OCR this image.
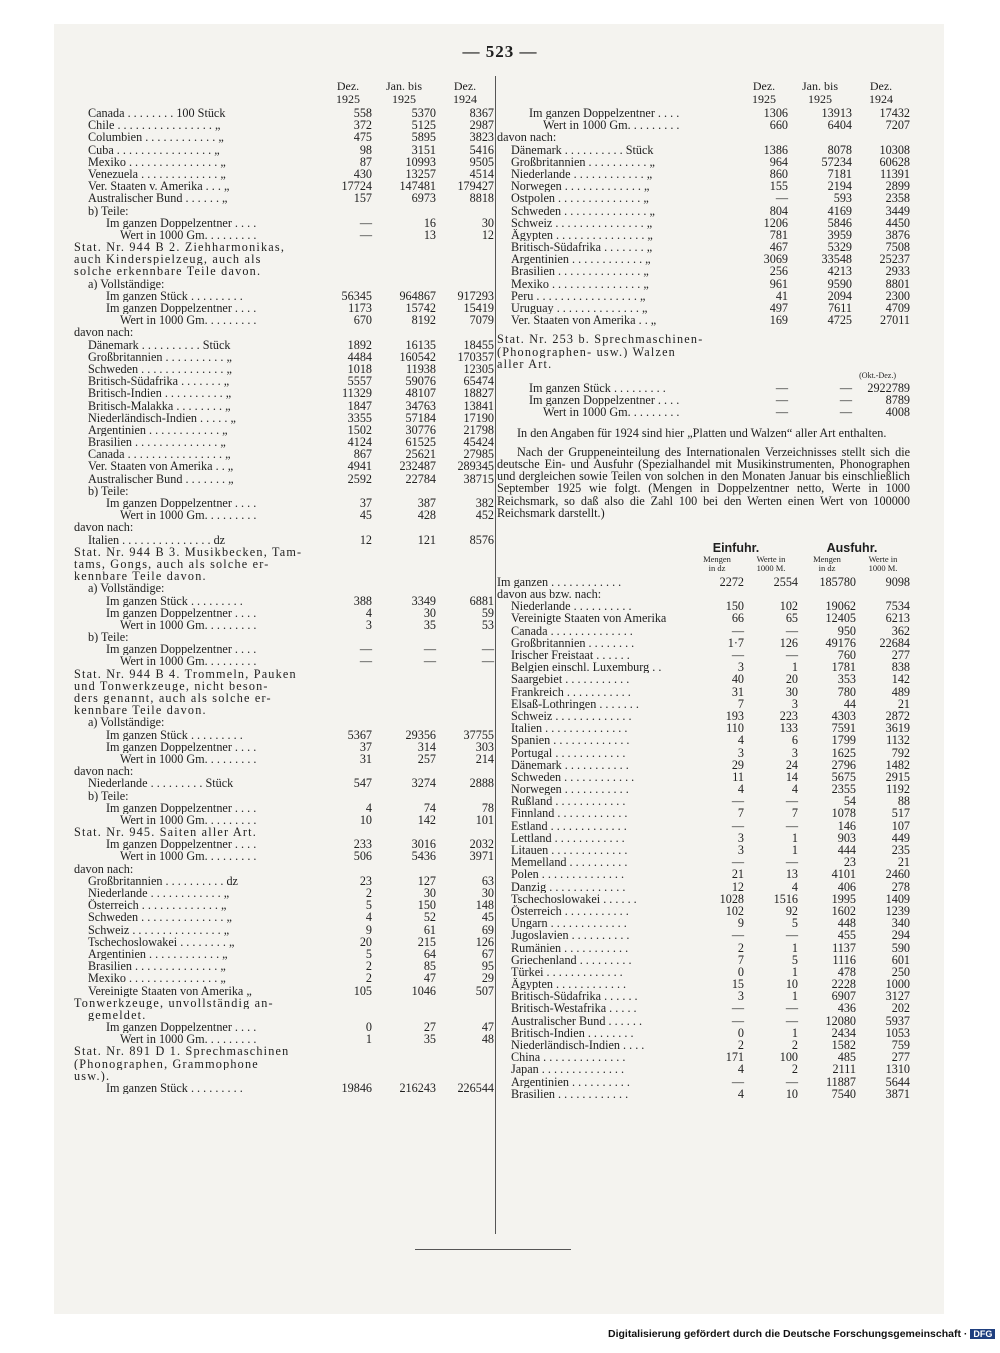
— 523 —
Dez.
1925
Jan. bis
1925
Dez.
1924
Canada . . . . . . . . 100 Stück	558	5370	8367
Chile . . . . . . . . . . . . . . . . „	372	5125	2987
Columbien . . . . . . . . . . . . „	475	5895	3823
Cuba . . . . . . . . . . . . . . . . „	98	3151	5416
Mexiko . . . . . . . . . . . . . . . „	87	10993	9505
Venezuela . . . . . . . . . . . . . „	430	13257	4514
Ver. Staaten v. Amerika . . . „	17724	147481	179427
Australischer Bund . . . . . . „	157	6973	8818
b) Teile:
Im ganzen Doppelzentner . . . .	—	16	30
Wert in 1000 Gm. . . . . . . . .	—	13	12
Stat. Nr. 944 B 2. Ziehharmonikas,
auch Kinderspielzeug, auch als
solche erkennbare Teile davon.
a) Vollständige:
Im ganzen Stück . . . . . . . . .	56345	964867	917293
Im ganzen Doppelzentner . . . .	1173	15742	15419
Wert in 1000 Gm. . . . . . . . .	670	8192	7079
davon nach:
Dänemark . . . . . . . . . . Stück	1892	16135	18455
Großbritannien . . . . . . . . . . „	4484	160542	170357
Schweden . . . . . . . . . . . . . . „	1018	11938	12305
Britisch-Südafrika . . . . . . . „	5557	59076	65474
Britisch-Indien . . . . . . . . . . „	11329	48107	18827
Britisch-Malakka . . . . . . . . „	1847	34763	13841
Niederländisch-Indien . . . . . „	3355	57184	17190
Argentinien . . . . . . . . . . . . „	1502	30776	21798
Brasilien . . . . . . . . . . . . . . „	4124	61525	45424
Canada . . . . . . . . . . . . . . . . „	867	25621	27985
Ver. Staaten von Amerika . . „	4941	232487	289345
Australischer Bund . . . . . . . „	2592	22784	38715
b) Teile:
Im ganzen Doppelzentner . . . .	37	387	382
Wert in 1000 Gm. . . . . . . . .	45	428	452
davon nach:
Italien . . . . . . . . . . . . . . . dz	12	121	8576
Stat. Nr. 944 B 3. Musikbecken, Tam-
tams, Gongs, auch als solche er-
kennbare Teile davon.
a) Vollständige:
Im ganzen Stück . . . . . . . . .	388	3349	6881
Im ganzen Doppelzentner . . . .	4	30	59
Wert in 1000 Gm. . . . . . . . .	3	35	53
b) Teile:
Im ganzen Doppelzentner . . . .	—	—	—
Wert in 1000 Gm. . . . . . . . .	—	—	—
Stat. Nr. 944 B 4. Trommeln, Pauken
und Tonwerkzeuge, nicht beson-
ders genannt, auch als solche er-
kennbare Teile davon.
a) Vollständige:
Im ganzen Stück . . . . . . . . .	5367	29356	37755
Im ganzen Doppelzentner . . . .	37	314	303
Wert in 1000 Gm. . . . . . . . .	31	257	214
davon nach:
Niederlande . . . . . . . . . Stück	547	3274	2888
b) Teile:
Im ganzen Doppelzentner . . . .	4	74	78
Wert in 1000 Gm. . . . . . . . .	10	142	101
Stat. Nr. 945. Saiten aller Art.
Im ganzen Doppelzentner . . . .	233	3016	2032
Wert in 1000 Gm. . . . . . . . .	506	5436	3971
davon nach:
Großbritannien . . . . . . . . . . dz	23	127	63
Niederlande . . . . . . . . . . . . „	2	30	30
Österreich . . . . . . . . . . . . . „	5	150	148
Schweden . . . . . . . . . . . . . . „	4	52	45
Schweiz . . . . . . . . . . . . . . . „	9	61	69
Tschechoslowakei . . . . . . . . „	20	215	126
Argentinien . . . . . . . . . . . . „	5	64	67
Brasilien . . . . . . . . . . . . . . „	2	85	95
Mexiko . . . . . . . . . . . . . . . „	2	47	29
Vereinigte Staaten von Amerika „	105	1046	507
Tonwerkzeuge, unvollständig an-
gemeldet.
Im ganzen Doppelzentner . . . .	0	27	47
Wert in 1000 Gm. . . . . . . . .	1	35	48
Stat. Nr. 891 D 1. Sprechmaschinen
(Phonographen, Grammophone
usw.).
Im ganzen Stück . . . . . . . . .	19846	216243	226544
Dez.
1925
Jan. bis
1925
Dez.
1924
Im ganzen Doppelzentner . . . .	1306	13913	17432
Wert in 1000 Gm. . . . . . . . .	660	6404	7207
davon nach:
Dänemark . . . . . . . . . . Stück	1386	8078	10308
Großbritannien . . . . . . . . . . „	964	57234	60628
Niederlande . . . . . . . . . . . . „	860	7181	11391
Norwegen . . . . . . . . . . . . . „	155	2194	2899
Ostpolen . . . . . . . . . . . . . . „	—	593	2358
Schweden . . . . . . . . . . . . . . „	804	4169	3449
Schweiz . . . . . . . . . . . . . . . „	1206	5846	4450
Ägypten . . . . . . . . . . . . . . . „	781	3959	3876
Britisch-Südafrika . . . . . . . „	467	5329	7508
Argentinien . . . . . . . . . . . . „	3069	33548	25237
Brasilien . . . . . . . . . . . . . . „	256	4213	2933
Mexiko . . . . . . . . . . . . . . . „	961	9590	8801
Peru . . . . . . . . . . . . . . . . . „	41	2094	2300
Uruguay . . . . . . . . . . . . . . „	497	7611	4709
Ver. Staaten von Amerika . . „	169	4725	27011
Stat. Nr. 253 b. Sprechmaschinen-
(Phonographen- usw.) Walzen
aller Art.
(Okt.-Dez.)
Im ganzen Stück . . . . . . . . .	—	—	2922789
Im ganzen Doppelzentner . . . .	—	—	8789
Wert in 1000 Gm. . . . . . . . .	—	—	4008
In den Angaben für 1924 sind hier „Platten und Walzen“ aller Art enthalten.
Nach der Gruppeneinteilung des Internationalen Verzeichnisses stellt sich die deutsche Ein- und Ausfuhr (Spezialhandel mit Musikinstrumenten, Phonographen und dergleichen sowie Teilen von solchen in den Monaten Januar bis einschließlich September 1925 wie folgt. (Mengen in Doppelzentner netto, Werte in 1000 Reichsmark, so daß also die Zahl 100 bei den Werten einen Wert von 100000 Reichsmark darstellt.)
Einfuhr.	Ausfuhr.
Mengen
in dz
Werte in
1000 M.
Mengen
in dz
Werte in
1000 M.
Im ganzen . . . . . . . . . . . .	2272	2554	185780	9098
davon aus bzw. nach:
Niederlande . . . . . . . . . .	150	102	19062	7534
Vereinigte Staaten von Amerika	66	65	12405	6213
Canada . . . . . . . . . . . . . .	—	—	950	362
Großbritannien . . . . . . . .	1·7	126	49176	22684
Irischer Freistaat . . . . . .	—	—	760	277
Belgien einschl. Luxemburg . .	3	1	1781	838
Saargebiet . . . . . . . . . . .	40	20	353	142
Frankreich . . . . . . . . . . .	31	30	780	489
Elsaß-Lothringen . . . . . . .	7	3	44	21
Schweiz . . . . . . . . . . . . .	193	223	4303	2872
Italien . . . . . . . . . . . . . .	110	133	7591	3619
Spanien . . . . . . . . . . . . .	4	6	1799	1132
Portugal . . . . . . . . . . . .	3	3	1625	792
Dänemark . . . . . . . . . . .	29	24	2796	1482
Schweden . . . . . . . . . . . .	11	14	5675	2915
Norwegen . . . . . . . . . . .	4	4	2355	1192
Rußland . . . . . . . . . . . .	—	—	54	88
Finnland . . . . . . . . . . . .	7	7	1078	517
Estland . . . . . . . . . . . . .	—	—	146	107
Lettland . . . . . . . . . . . .	3	1	903	449
Litauen . . . . . . . . . . . . .	3	1	444	235
Memelland . . . . . . . . . .	—	—	23	21
Polen . . . . . . . . . . . . . .	21	13	4101	2460
Danzig . . . . . . . . . . . . .	12	4	406	278
Tschechoslowakei . . . . . .	1028	1516	1995	1409
Österreich . . . . . . . . . . .	102	92	1602	1239
Ungarn . . . . . . . . . . . . .	9	5	448	340
Jugoslavien . . . . . . . . . .	—	—	455	294
Rumänien . . . . . . . . . . .	2	1	1137	590
Griechenland . . . . . . . . .	7	5	1116	601
Türkei . . . . . . . . . . . . .	0	1	478	250
Ägypten . . . . . . . . . . . .	15	10	2228	1000
Britisch-Südafrika . . . . . .	3	1	6907	3127
Britisch-Westafrika . . . . .	—	—	436	202
Australischer Bund . . . . . .	—	—	12080	5937
Britisch-Indien . . . . . . . .	0	1	2434	1053
Niederländisch-Indien . . . .	2	2	1582	759
China . . . . . . . . . . . . . .	171	100	485	277
Japan . . . . . . . . . . . . . .	4	2	2111	1310
Argentinien . . . . . . . . . .	—	—	11887	5644
Brasilien . . . . . . . . . . . .	4	10	7540	3871
Digitalisierung gefördert durch die Deutsche Forschungsgemeinschaft · DFG
